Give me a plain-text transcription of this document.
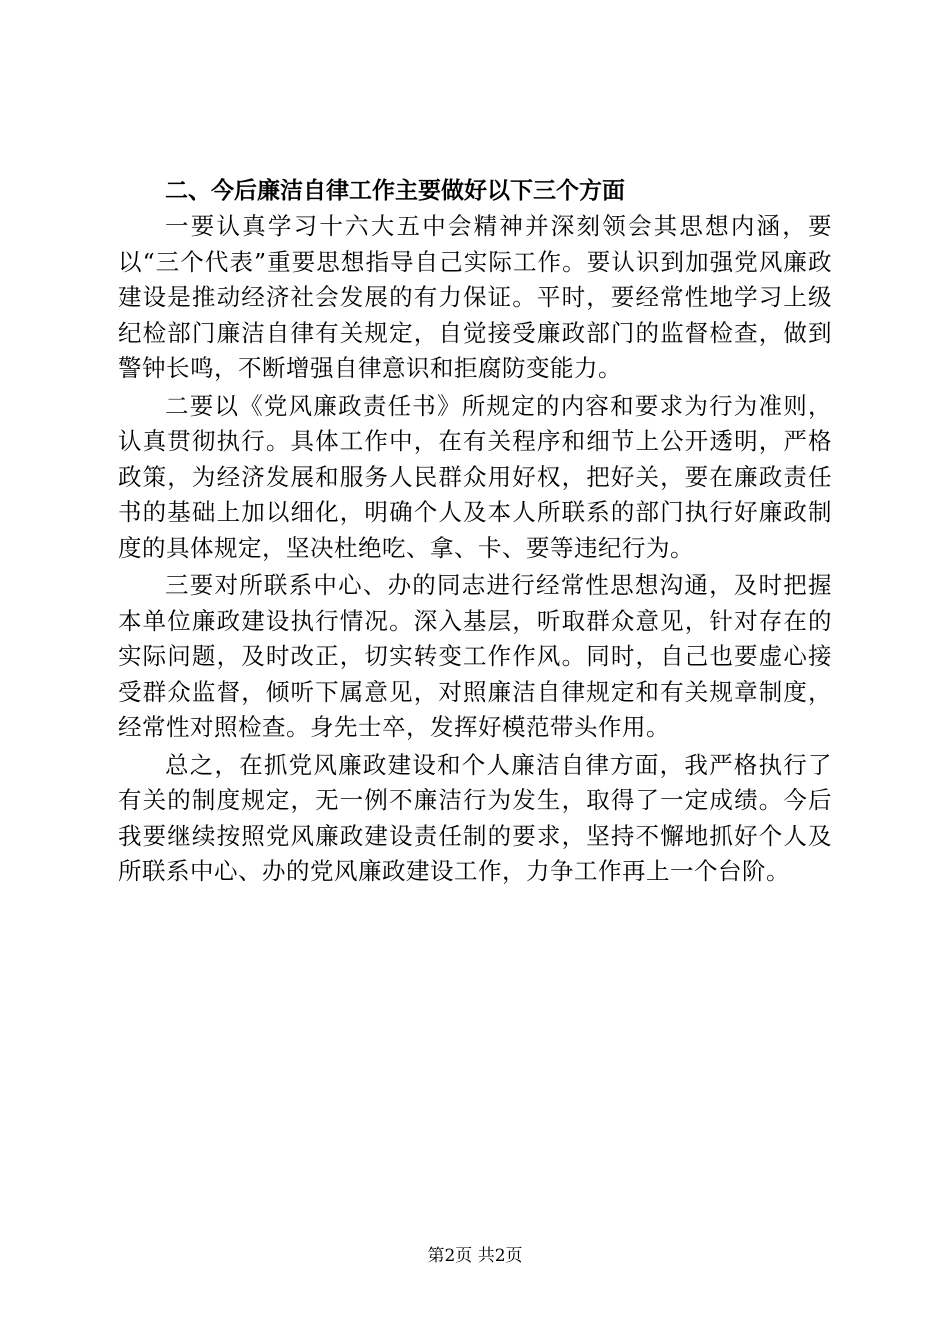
二、今后廉洁自律工作主要做好以下三个方面

一要认真学习十六大五中会精神并深刻领会其思想内涵，要以“三个代表”重要思想指导自己实际工作。要认识到加强党风廉政建设是推动经济社会发展的有力保证。平时，要经常性地学习上级纪检部门廉洁自律有关规定，自觉接受廉政部门的监督检查，做到警钟长鸣，不断增强自律意识和拒腐防变能力。

二要以《党风廉政责任书》所规定的内容和要求为行为准则，认真贯彻执行。具体工作中，在有关程序和细节上公开透明，严格政策，为经济发展和服务人民群众用好权，把好关，要在廉政责任书的基础上加以细化，明确个人及本人所联系的部门执行好廉政制度的具体规定，坚决杜绝吃、拿、卡、要等违纪行为。

三要对所联系中心、办的同志进行经常性思想沟通，及时把握本单位廉政建设执行情况。深入基层，听取群众意见，针对存在的实际问题，及时改正，切实转变工作作风。同时，自己也要虚心接受群众监督，倾听下属意见，对照廉洁自律规定和有关规章制度，经常性对照检查。身先士卒，发挥好模范带头作用。

总之，在抓党风廉政建设和个人廉洁自律方面，我严格执行了有关的制度规定，无一例不廉洁行为发生，取得了一定成绩。今后我要继续按照党风廉政建设责任制的要求，坚持不懈地抓好个人及所联系中心、办的党风廉政建设工作，力争工作再上一个台阶。

第2页 共2页
